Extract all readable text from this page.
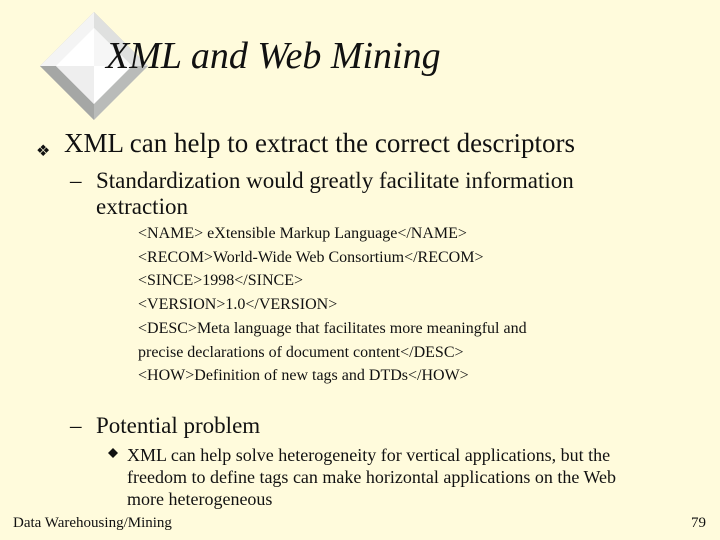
XML and Web Mining
❖ XML can help to extract the correct descriptors
– Standardization would greatly facilitate information
extraction
<NAME> eXtensible Markup Language</NAME>
<RECOM>World-Wide Web Consortium</RECOM>
<SINCE>1998</SINCE>
<VERSION>1.0</VERSION>
<DESC>Meta language that facilitates more meaningful and
precise declarations of document content</DESC>
<HOW>Definition of new tags and DTDs</HOW>
– Potential problem
XML can help solve heterogeneity for vertical applications, but the
freedom to define tags can make horizontal applications on the Web
more heterogeneous
Data Warehousing/Mining	79
